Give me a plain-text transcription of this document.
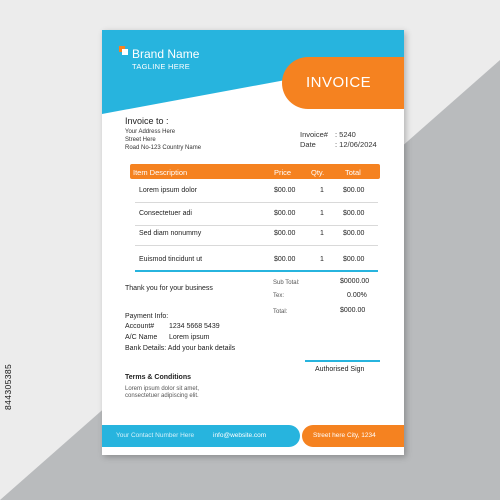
Brand Name
TAGLINE HERE
INVOICE
Invoice to :
Your Address Here
Street Here
Road No-123 Country Name
Invoice# : 5240
Date	: 12/06/2024
Item Description	Price	Qty.	Total
Lorem ipsum dolor	$00.00	1	$00.00
Consectetuer adi	$00.00	1	$00.00
Sed diam nonummy	$00.00	1	$00.00
Euismod tincidunt ut	$00.00	1	$00.00
Thank you for your business
Sub Total:	$0000.00
Tex:	0.00%
Total:	$000.00
Payment Info:
Account# 1234 5668 5439
A/C Name Lorem ipsum
Bank Details: Add your bank details
Authorised Sign
Terms & Conditions
Lorem ipsum dolor sit amet,
consectetuer adipiscing elit.
Your Contact Number Here	info@website.com	Street here City, 1234
844305385
